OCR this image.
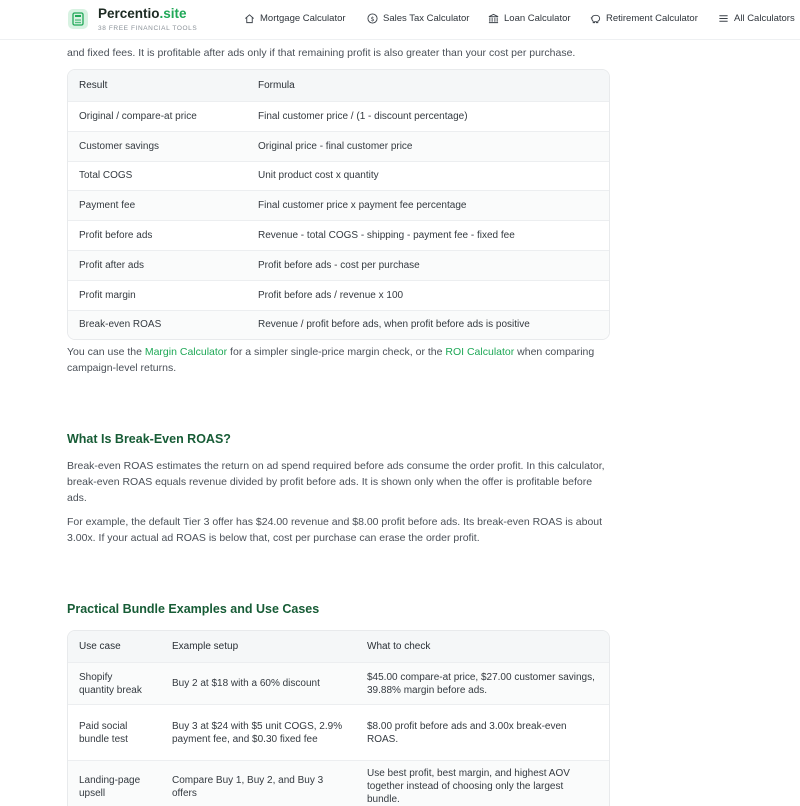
Percentio.site
38 FREE FINANCIAL TOOLS
Mortgage Calculator	$ Sales Tax Calculator	Loan Calculator	Retirement Calculator	All Calculators
and fixed fees. It is profitable after ads only if that remaining profit is also greater than your cost per purchase.
Result	Formula
Original / compare-at price	Final customer price / (1 - discount percentage)
Customer savings	Original price - final customer price
Total COGS	Unit product cost x quantity
Payment fee	Final customer price x payment fee percentage
Profit before ads	Revenue - total COGS - shipping - payment fee - fixed fee
Profit after ads	Profit before ads - cost per purchase
Profit margin	Profit before ads / revenue x 100
Break-even ROAS	Revenue / profit before ads, when profit before ads is positive
You can use the Margin Calculator for a simpler single-price margin check, or the ROI Calculator when comparing campaign-level returns.
What Is Break-Even ROAS?
Break-even ROAS estimates the return on ad spend required before ads consume the order profit. In this calculator, break-even ROAS equals revenue divided by profit before ads. It is shown only when the offer is profitable before ads.
For example, the default Tier 3 offer has $24.00 revenue and $8.00 profit before ads. Its break-even ROAS is about 3.00x. If your actual ad ROAS is below that, cost per purchase can erase the order profit.
Practical Bundle Examples and Use Cases
Use case	Example setup	What to check
Shopify quantity break	Buy 2 at $18 with a 60% discount	$45.00 compare-at price, $27.00 customer savings, 39.88% margin before ads.
Paid social bundle test	Buy 3 at $24 with $5 unit COGS, 2.9% payment fee, and $0.30 fixed fee	$8.00 profit before ads and 3.00x break-even ROAS.
Landing-page upsell	Compare Buy 1, Buy 2, and Buy 3 offers	Use best profit, best margin, and highest AOV together instead of choosing only the largest bundle.
